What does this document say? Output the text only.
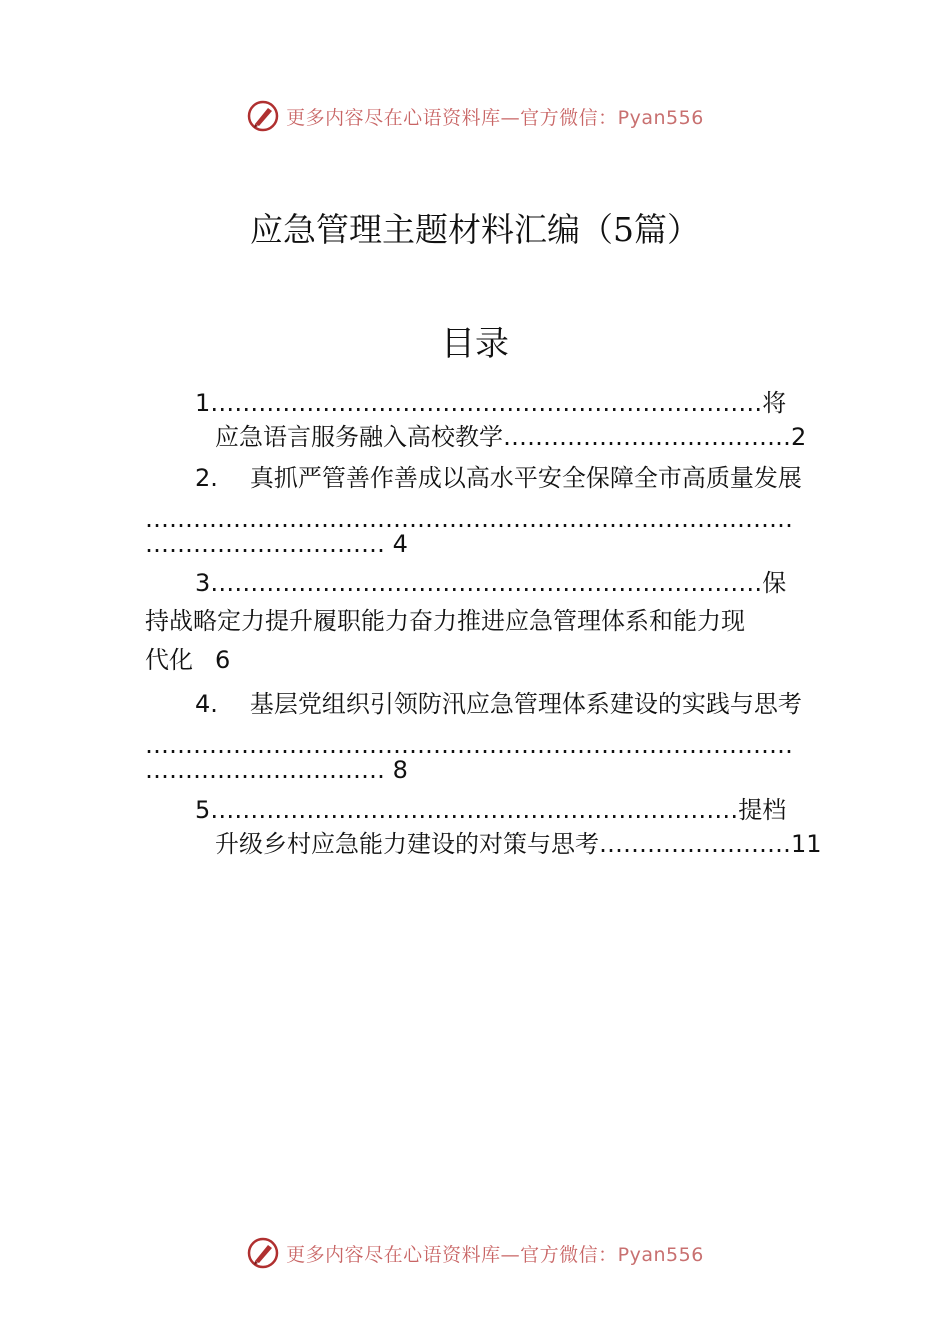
更多内容尽在心语资料库—官方微信：Pyan556
应急管理主题材料汇编（5篇）
目录
1……………………………………………………………将
应急语言服务融入高校教学………………………………2
2. 真抓严管善作善成以高水平安全保障全市高质量发展
………………………………………………………………………
………………………… 4
3……………………………………………………………保
持战略定力提升履职能力奋力推进应急管理体系和能力现
代化 6
4. 基层党组织引领防汛应急管理体系建设的实践与思考
………………………………………………………………………
………………………… 8
5…………………………………………………………提档
升级乡村应急能力建设的对策与思考……………………11
更多内容尽在心语资料库—官方微信：Pyan556
